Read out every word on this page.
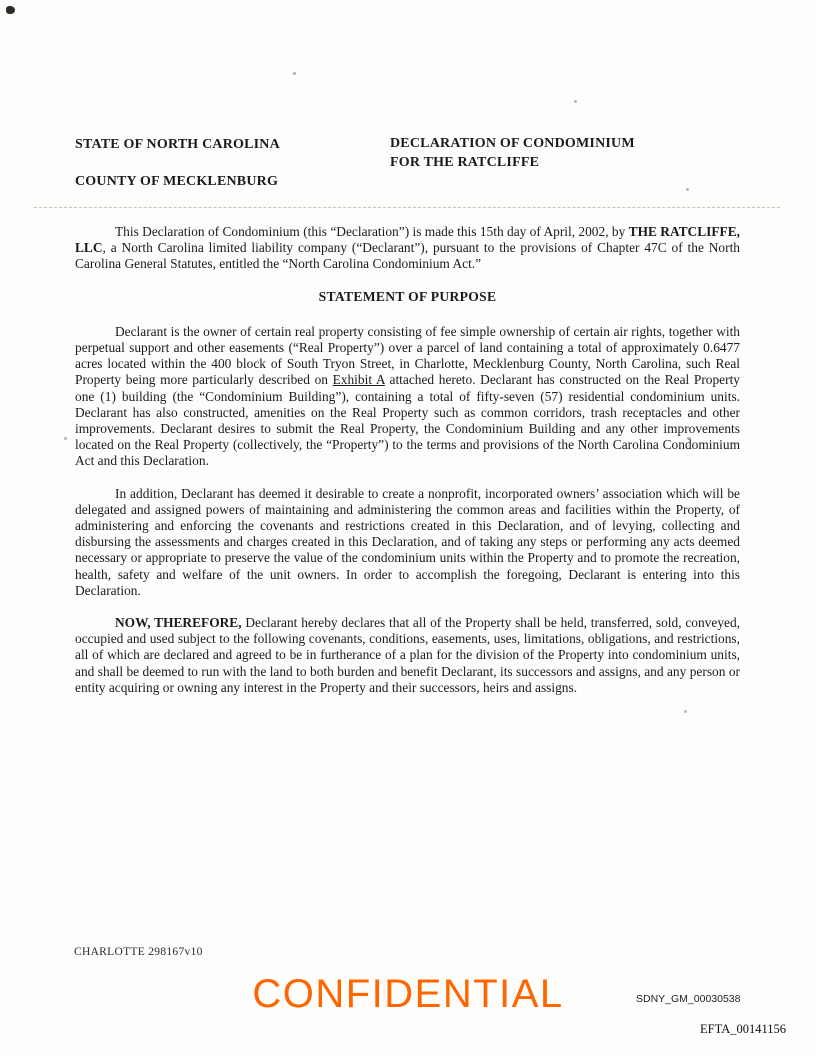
STATE OF NORTH CAROLINA
COUNTY OF MECKLENBURG
DECLARATION OF CONDOMINIUM
FOR THE RATCLIFFE

This Declaration of Condominium (this “Declaration”) is made this 15th day of April, 2002, by THE RATCLIFFE, LLC, a North Carolina limited liability company (“Declarant”), pursuant to the provisions of Chapter 47C of the North Carolina General Statutes, entitled the “North Carolina Condominium Act.”

STATEMENT OF PURPOSE

Declarant is the owner of certain real property consisting of fee simple ownership of certain air rights, together with perpetual support and other easements (“Real Property”) over a parcel of land containing a total of approximately 0.6477 acres located within the 400 block of South Tryon Street, in Charlotte, Mecklenburg County, North Carolina, such Real Property being more particularly described on Exhibit A attached hereto. Declarant has constructed on the Real Property one (1) building (the “Condominium Building”), containing a total of fifty-seven (57) residential condominium units. Declarant has also constructed, amenities on the Real Property such as common corridors, trash receptacles and other improvements. Declarant desires to submit the Real Property, the Condominium Building and any other improvements located on the Real Property (collectively, the “Property”) to the terms and provisions of the North Carolina Condominium Act and this Declaration.

In addition, Declarant has deemed it desirable to create a nonprofit, incorporated owners’ association which will be delegated and assigned powers of maintaining and administering the common areas and facilities within the Property, of administering and enforcing the covenants and restrictions created in this Declaration, and of levying, collecting and disbursing the assessments and charges created in this Declaration, and of taking any steps or performing any acts deemed necessary or appropriate to preserve the value of the condominium units within the Property and to promote the recreation, health, safety and welfare of the unit owners. In order to accomplish the foregoing, Declarant is entering into this Declaration.

NOW, THEREFORE, Declarant hereby declares that all of the Property shall be held, transferred, sold, conveyed, occupied and used subject to the following covenants, conditions, easements, uses, limitations, obligations, and restrictions, all of which are declared and agreed to be in furtherance of a plan for the division of the Property into condominium units, and shall be deemed to run with the land to both burden and benefit Declarant, its successors and assigns, and any person or entity acquiring or owning any interest in the Property and their successors, heirs and assigns.

CHARLOTTE 298167v10
CONFIDENTIAL	SDNY_GM_00030538
EFTA_00141156
